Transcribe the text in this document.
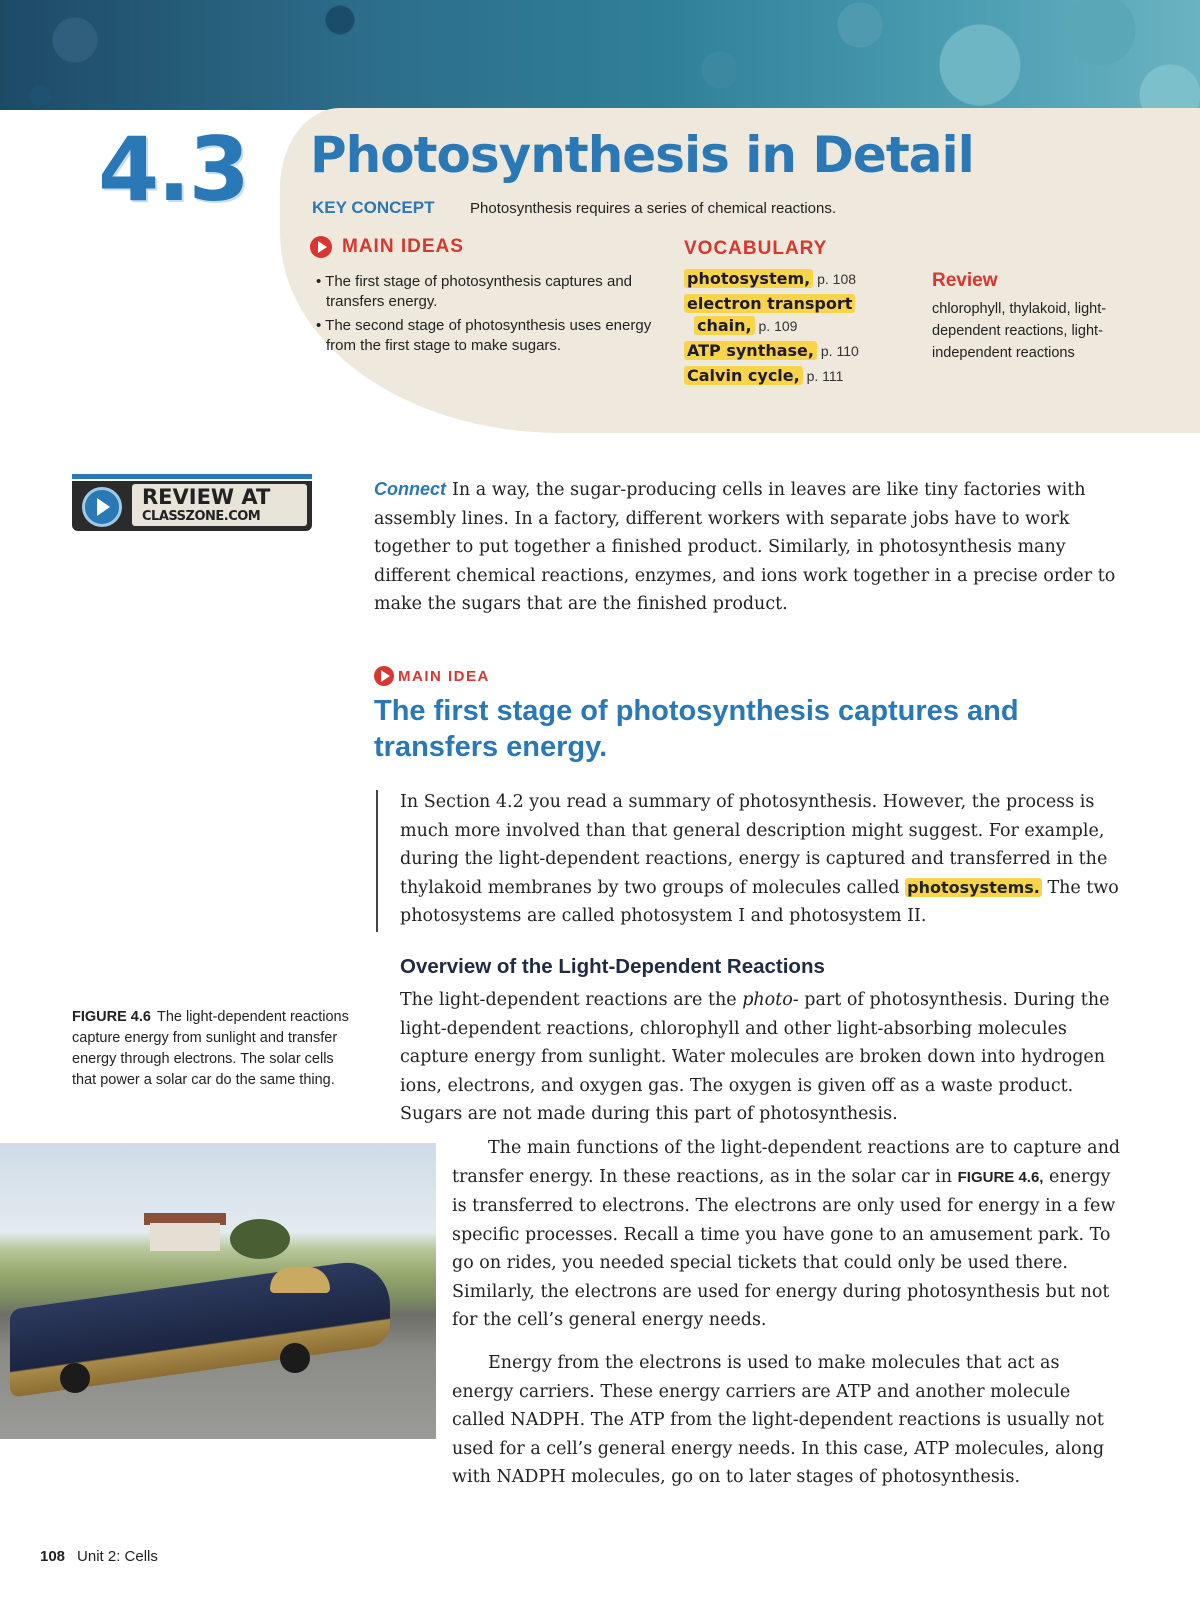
4.3 Photosynthesis in Detail
KEY CONCEPT Photosynthesis requires a series of chemical reactions.
MAIN IDEAS
• The first stage of photosynthesis captures and transfers energy.
• The second stage of photosynthesis uses energy from the first stage to make sugars.
VOCABULARY
photosystem, p. 108
electron transport
chain, p. 109
ATP synthase, p. 110
Calvin cycle, p. 111
Review
chlorophyll, thylakoid, light-dependent reactions, light-independent reactions
REVIEW AT
CLASSZONE.COM
Connect In a way, the sugar-producing cells in leaves are like tiny factories with assembly lines. In a factory, different workers with separate jobs have to work together to put together a finished product. Similarly, in photosynthesis many different chemical reactions, enzymes, and ions work together in a precise order to make the sugars that are the finished product.
MAIN IDEA
The first stage of photosynthesis captures and transfers energy.
In Section 4.2 you read a summary of photosynthesis. However, the process is much more involved than that general description might suggest. For example, during the light-dependent reactions, energy is captured and transferred in the thylakoid membranes by two groups of molecules called photosystems. The two photosystems are called photosystem I and photosystem II.
Overview of the Light-Dependent Reactions
The light-dependent reactions are the photo- part of photosynthesis. During the light-dependent reactions, chlorophyll and other light-absorbing molecules capture energy from sunlight. Water molecules are broken down into hydrogen ions, electrons, and oxygen gas. The oxygen is given off as a waste product. Sugars are not made during this part of photosynthesis.
The main functions of the light-dependent reactions are to capture and transfer energy. In these reactions, as in the solar car in FIGURE 4.6, energy is transferred to electrons. The electrons are only used for energy in a few specific processes. Recall a time you have gone to an amusement park. To go on rides, you needed special tickets that could only be used there. Similarly, the electrons are used for energy during photosynthesis but not for the cell’s general energy needs.
Energy from the electrons is used to make molecules that act as energy carriers. These energy carriers are ATP and another molecule called NADPH. The ATP from the light-dependent reactions is usually not used for a cell’s general energy needs. In this case, ATP molecules, along with NADPH molecules, go on to later stages of photosynthesis.
FIGURE 4.6 The light-dependent reactions capture energy from sunlight and transfer energy through electrons. The solar cells that power a solar car do the same thing.
108 Unit 2: Cells
